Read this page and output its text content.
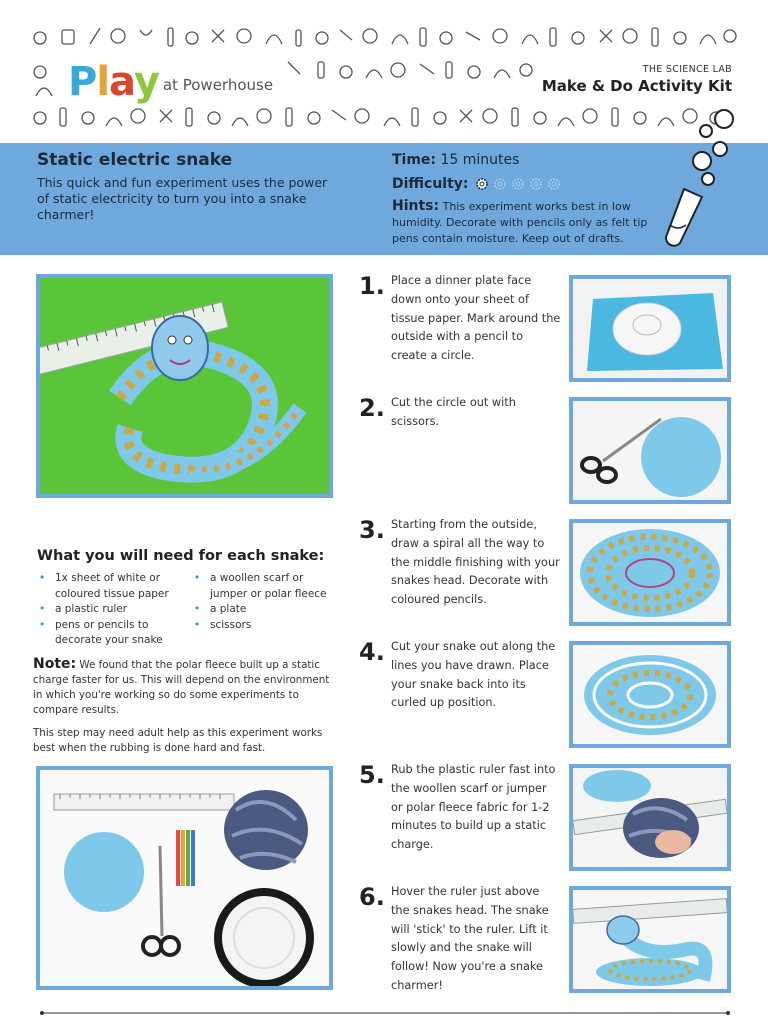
Play at Powerhouse
THE SCIENCE LAB
Make & Do Activity Kit
Static electric snake
This quick and fun experiment uses the power of static electricity to turn you into a snake charmer!
Time: 15 minutes
Difficulty:
Hints: This experiment works best in low humidity. Decorate with pencils only as felt tip pens contain moisture. Keep out of drafts.
What you will need for each snake:
• 1x sheet of white or coloured tissue paper
• a plastic ruler
• pens or pencils to decorate your snake
• a woollen scarf or jumper or polar fleece
• a plate
• scissors
Note: We found that the polar fleece built up a static charge faster for us. This will depend on the environment in which you're working so do some experiments to compare results.
This step may need adult help as this experiment works best when the rubbing is done hard and fast.
1. Place a dinner plate face down onto your sheet of tissue paper. Mark around the outside with a pencil to create a circle.
2. Cut the circle out with scissors.
3. Starting from the outside, draw a spiral all the way to the middle finishing with your snakes head. Decorate with coloured pencils.
4. Cut your snake out along the lines you have drawn. Place your snake back into its curled up position.
5. Rub the plastic ruler fast into the woollen scarf or jumper or polar fleece fabric for 1-2 minutes to build up a static charge.
6. Hover the ruler just above the snakes head. The snake will 'stick' to the ruler. Lift it slowly and the snake will follow! Now you're a snake charmer!
